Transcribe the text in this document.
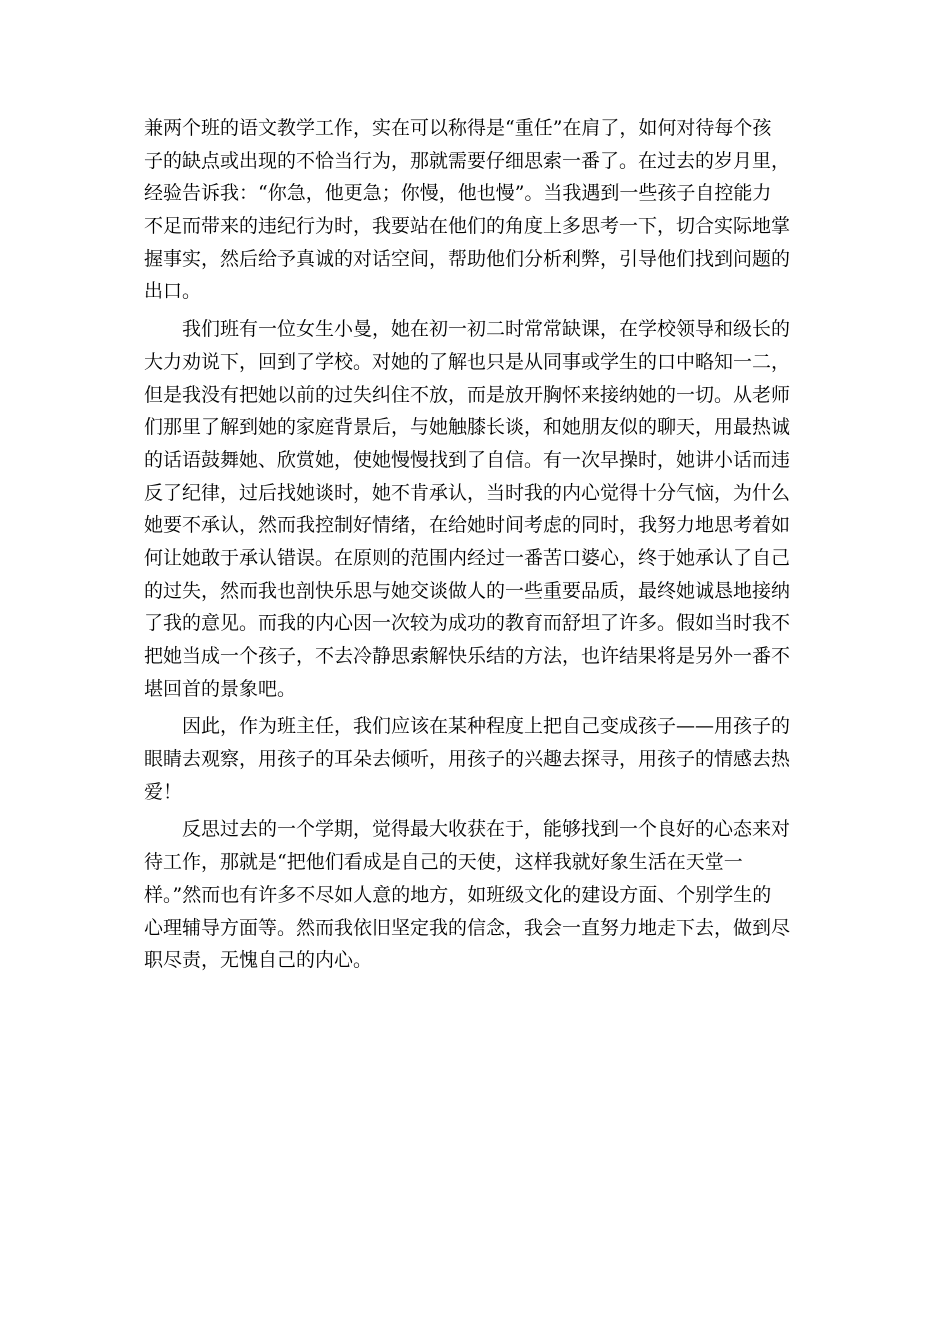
兼两个班的语文教学工作，实在可以称得是“重任”在肩了，如何对待每个孩
子的缺点或出现的不恰当行为，那就需要仔细思索一番了。在过去的岁月里，
经验告诉我：“你急，他更急；你慢，他也慢”。当我遇到一些孩子自控能力
不足而带来的违纪行为时，我要站在他们的角度上多思考一下，切合实际地掌
握事实，然后给予真诚的对话空间，帮助他们分析利弊，引导他们找到问题的
出口。
　　我们班有一位女生小曼，她在初一初二时常常缺课，在学校领导和级长的
大力劝说下，回到了学校。对她的了解也只是从同事或学生的口中略知一二，
但是我没有把她以前的过失纠住不放，而是放开胸怀来接纳她的一切。从老师
们那里了解到她的家庭背景后，与她触膝长谈，和她朋友似的聊天，用最热诚
的话语鼓舞她、欣赏她，使她慢慢找到了自信。有一次早操时，她讲小话而违
反了纪律，过后找她谈时，她不肯承认，当时我的内心觉得十分气恼，为什么
她要不承认，然而我控制好情绪，在给她时间考虑的同时，我努力地思考着如
何让她敢于承认错误。在原则的范围内经过一番苦口婆心，终于她承认了自己
的过失，然而我也剖快乐思与她交谈做人的一些重要品质，最终她诚恳地接纳
了我的意见。而我的内心因一次较为成功的教育而舒坦了许多。假如当时我不
把她当成一个孩子，不去冷静思索解快乐结的方法，也许结果将是另外一番不
堪回首的景象吧。
　　因此，作为班主任，我们应该在某种程度上把自己变成孩子——用孩子的
眼睛去观察，用孩子的耳朵去倾听，用孩子的兴趣去探寻，用孩子的情感去热
爱！
　　反思过去的一个学期，觉得最大收获在于，能够找到一个良好的心态来对
待工作，那就是“把他们看成是自己的天使，这样我就好象生活在天堂一
样。”然而也有许多不尽如人意的地方，如班级文化的建设方面、个别学生的
心理辅导方面等。然而我依旧坚定我的信念，我会一直努力地走下去，做到尽
职尽责，无愧自己的内心。
